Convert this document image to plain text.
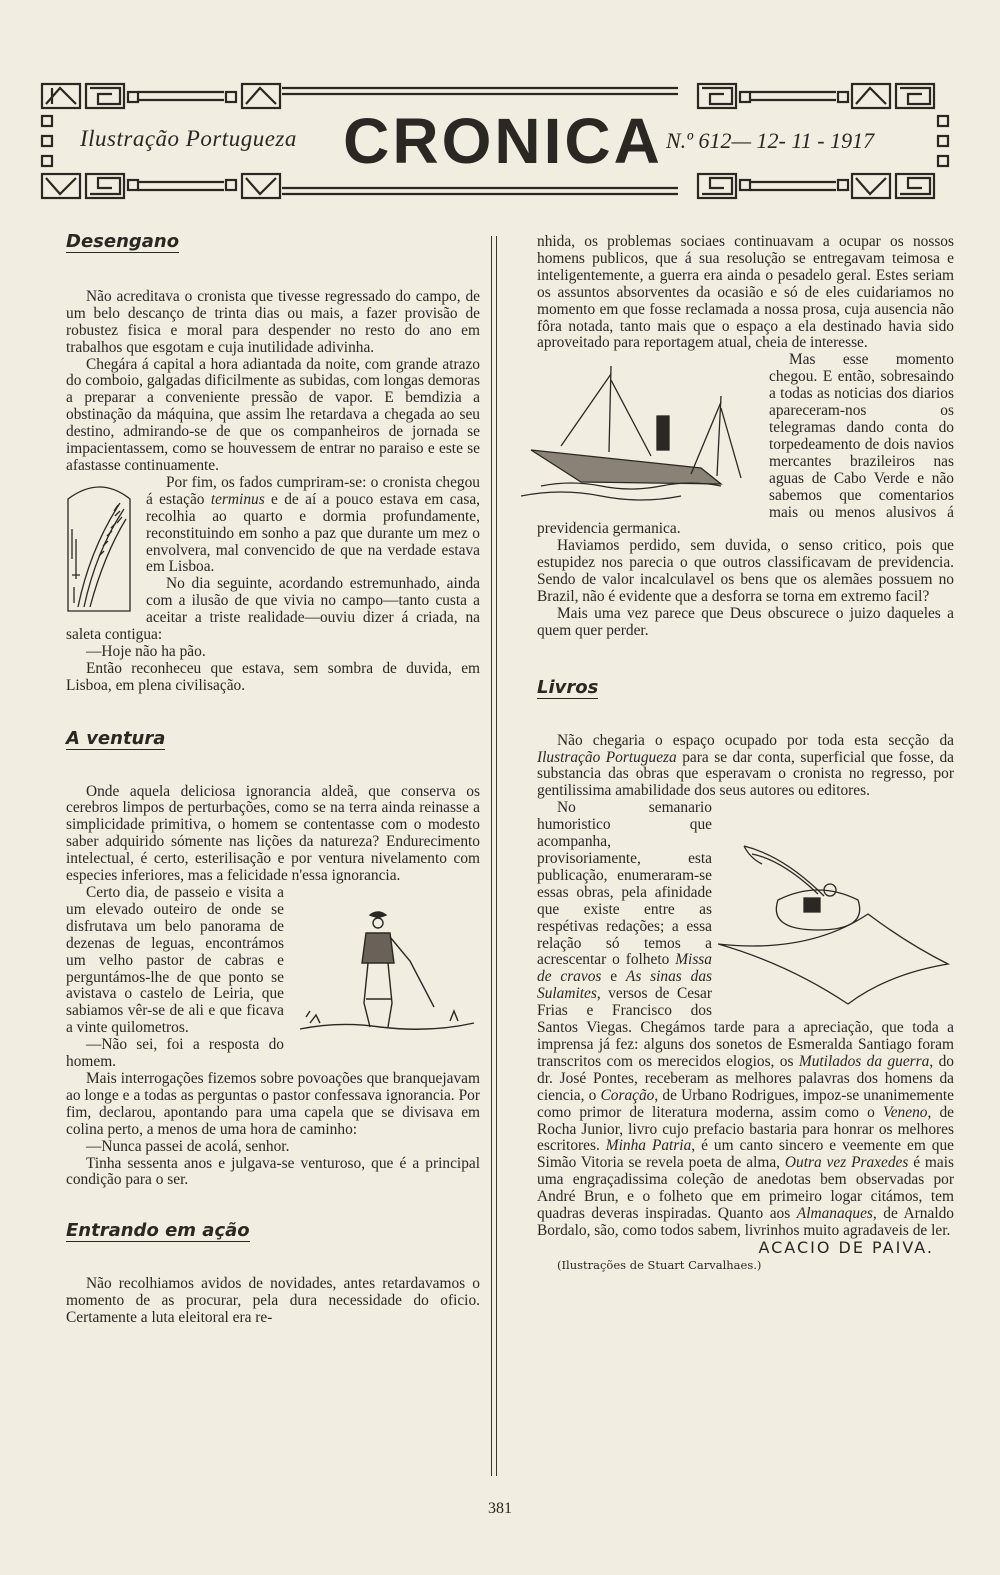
Ilustração Portugueza CRONICA N.º 612— 12- 11 - 1917
Desengano

Não acreditava o cronista que tivesse regressado do campo, de um belo descanço de trinta dias ou mais, a fazer provisão de robustez fisica e moral para despender no resto do ano em trabalhos que esgotam e cuja inutilidade adivinha.

Chegára á capital a hora adiantada da noite, com grande atrazo do comboio, galgadas dificilmente as subidas, com longas demoras a preparar a conveniente pressão de vapor. E bemdizia a obstinação da máquina, que assim lhe retardava a chegada ao seu destino, admirando-se de que os companheiros de jornada se impacientassem, como se houvessem de entrar no paraiso e este se afastasse continuamente.

Por fim, os fados cumpriram-se: o cronista chegou á estação terminus e de aí a pouco estava em casa, recolhia ao quarto e dormia profundamente, reconstituindo em sonho a paz que durante um mez o envolvera, mal convencido de que na verdade estava em Lisboa.

No dia seguinte, acordando estremunhado, ainda com a ilusão de que vivia no campo—tanto custa a aceitar a triste realidade—ouviu dizer á criada, na saleta contigua:

—Hoje não ha pão.

Então reconheceu que estava, sem sombra de duvida, em Lisboa, em plena civilisação.

A ventura

Onde aquela deliciosa ignorancia aldeã, que conserva os cerebros limpos de perturbações, como se na terra ainda reinasse a simplicidade primitiva, o homem se contentasse com o modesto saber adquirido sómente nas lições da natureza? Endurecimento intelectual, é certo, esterilisação e por ventura nivelamento com especies inferiores, mas a felicidade n'essa ignorancia.

Certo dia, de passeio e visita a um elevado outeiro de onde se disfrutava um belo panorama de dezenas de leguas, encontrámos um velho pastor de cabras e perguntámos-lhe de que ponto se avistava o castelo de Leiria, que sabiamos vêr-se de ali e que ficava a vinte quilometros.

—Não sei, foi a resposta do homem.

Mais interrogações fizemos sobre povoações que branquejavam ao longe e a todas as perguntas o pastor confessava ignorancia. Por fim, declarou, apontando para uma capela que se divisava em colina perto, a menos de uma hora de caminho:

—Nunca passei de acolá, senhor.

Tinha sessenta anos e julgava-se venturoso, que é a principal condição para o ser.

Entrando em ação

Não recolhiamos avidos de novidades, antes retardavamos o momento de as procurar, pela dura necessidade do oficio. Certamente a luta eleitoral era re-

nhida, os problemas sociaes continuavam a ocupar os nossos homens publicos, que á sua resolução se entregavam teimosa e inteligentemente, a guerra era ainda o pesadelo geral. Estes seriam os assuntos absorventes da ocasião e só de eles cuidariamos no momento em que fosse reclamada a nossa prosa, cuja ausencia não fôra notada, tanto mais que o espaço a ela destinado havia sido aproveitado para reportagem atual, cheia de interesse.

Mas esse momento chegou. E então, sobresaindo a todas as noticias dos diarios apareceram-nos os telegramas dando conta do torpedeamento de dois navios mercantes brazileiros nas aguas de Cabo Verde e não sabemos que comentarios mais ou menos alusivos á previdencia germanica.

Haviamos perdido, sem duvida, o senso critico, pois que estupidez nos parecia o que outros classificavam de previdencia. Sendo de valor incalculavel os bens que os alemães possuem no Brazil, não é evidente que a desforra se torna em extremo facil?

Mais uma vez parece que Deus obscurece o juizo daqueles a quem quer perder.

Livros

Não chegaria o espaço ocupado por toda esta secção da Ilustração Portugueza para se dar conta, superficial que fosse, da substancia das obras que esperavam o cronista no regresso, por gentilissima amabilidade dos seus autores ou editores.

No semanario humoristico que acompanha, provisoriamente, esta publicação, enumeraram-se essas obras, pela afinidade que existe entre as respétivas redações; a essa relação só temos a acrescentar o folheto Missa de cravos e As sinas das Sulamites, versos de Cesar Frias e Francisco dos Santos Viegas. Chegámos tarde para a apreciação, que toda a imprensa já fez: alguns dos sonetos de Esmeralda Santiago foram transcritos com os merecidos elogios, os Mutilados da guerra, do dr. José Pontes, receberam as melhores palavras dos homens da ciencia, o Coração, de Urbano Rodrigues, impoz-se unanimemente como primor de literatura moderna, assim como o Veneno, de Rocha Junior, livro cujo prefacio bastaria para honrar os melhores escritores. Minha Patria, é um canto sincero e veemente em que Simão Vitoria se revela poeta de alma, Outra vez Praxedes é mais uma engraçadissima coleção de anedotas bem observadas por André Brun, e o folheto que em primeiro logar citámos, tem quadras deveras inspiradas. Quanto aos Almanaques, de Arnaldo Bordalo, são, como todos sabem, livrinhos muito agradaveis de ler.

ACACIO DE PAIVA.

(Ilustrações de Stuart Carvalhaes.)

381
